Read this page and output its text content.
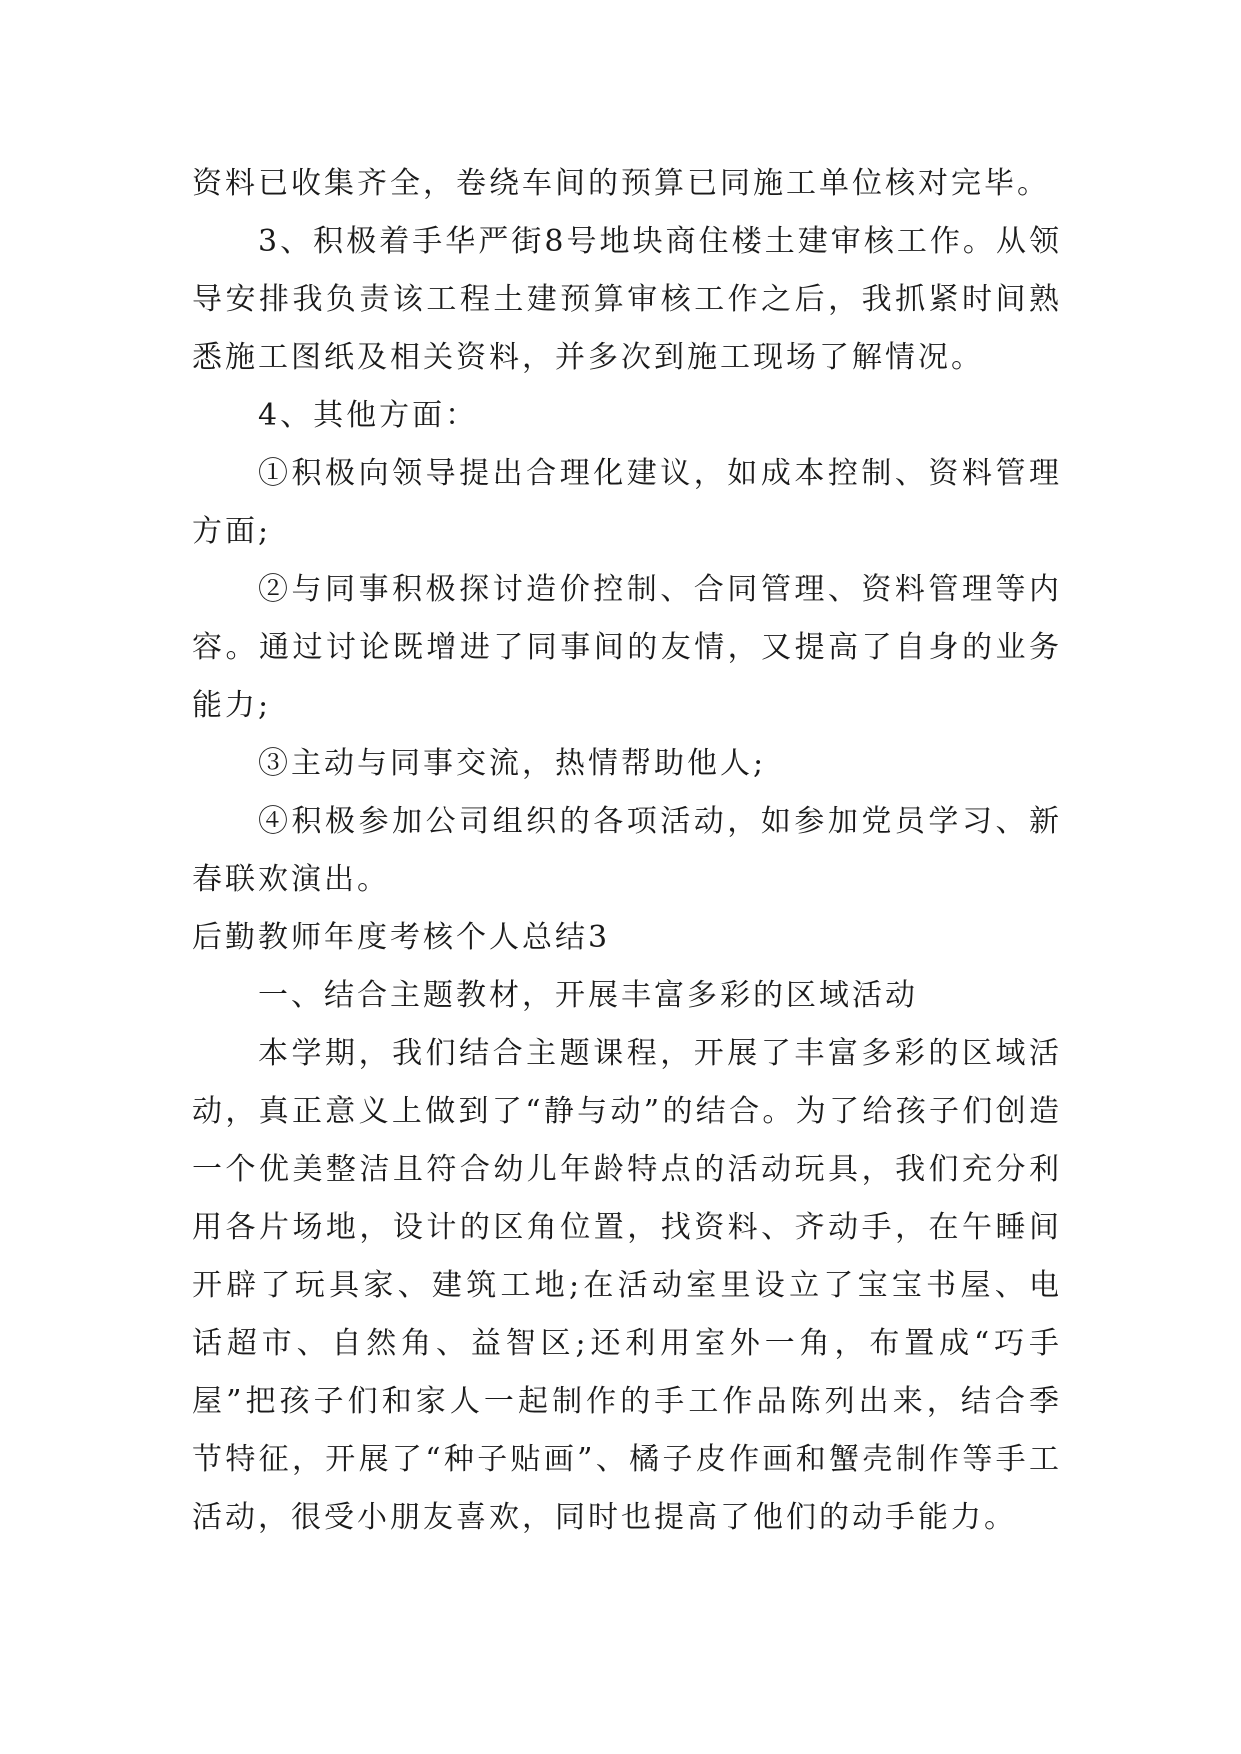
资料已收集齐全，卷绕车间的预算已同施工单位核对完毕。

3、积极着手华严街8号地块商住楼土建审核工作。从领导安排我负责该工程土建预算审核工作之后，我抓紧时间熟悉施工图纸及相关资料，并多次到施工现场了解情况。

4、其他方面：

①积极向领导提出合理化建议，如成本控制、资料管理方面;

②与同事积极探讨造价控制、合同管理、资料管理等内容。通过讨论既增进了同事间的友情，又提高了自身的业务能力;

③主动与同事交流，热情帮助他人;

④积极参加公司组织的各项活动，如参加党员学习、新春联欢演出。

后勤教师年度考核个人总结3

一、结合主题教材，开展丰富多彩的区域活动

本学期，我们结合主题课程，开展了丰富多彩的区域活动，真正意义上做到了“静与动”的结合。为了给孩子们创造一个优美整洁且符合幼儿年龄特点的活动玩具，我们充分利用各片场地，设计的区角位置，找资料、齐动手，在午睡间开辟了玩具家、建筑工地;在活动室里设立了宝宝书屋、电话超市、自然角、益智区;还利用室外一角，布置成“巧手屋”把孩子们和家人一起制作的手工作品陈列出来，结合季节特征，开展了“种子贴画”、橘子皮作画和蟹壳制作等手工活动，很受小朋友喜欢，同时也提高了他们的动手能力。
